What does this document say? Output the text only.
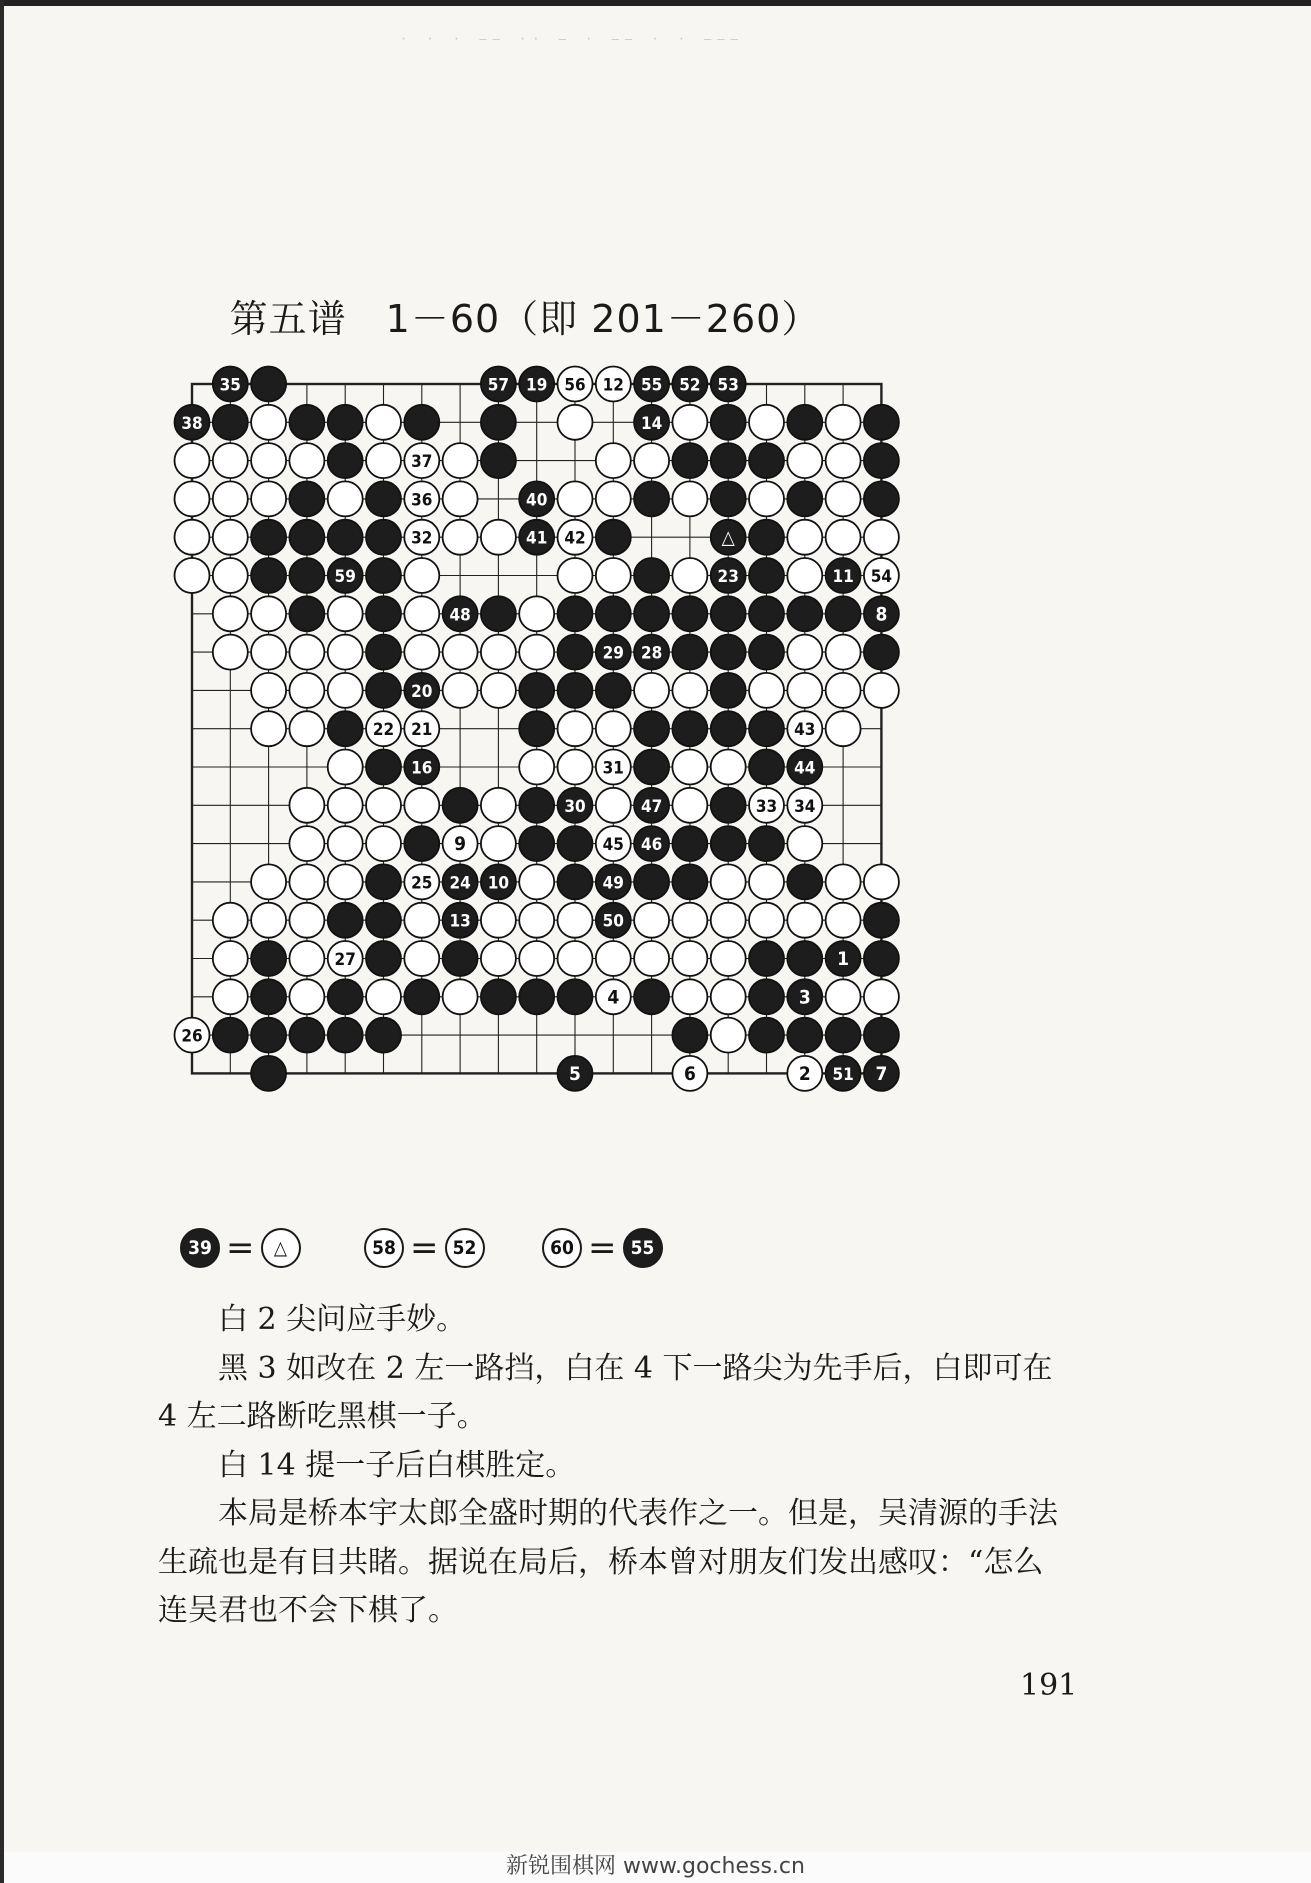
· · · ―― ·· ― · ―― · · ―――
第五谱　1－60（即 201－260）
35	57 19 56 12 55 52 53
38	14
37
36	40
32	41 42	△
59	23	11 54
48	8
29 28
20
22 21	43
16	31	44
30	47	33 34
9	45 46
25 24 10	49
13	50
27	1
4	3
26
5	6	2 51 7
39 =	△	58 = 52	60 = 55

白 2 尖问应手妙。

黑 3 如改在 2 左一路挡，白在 4 下一路尖为先手后，白即可在 4 左二路断吃黑棋一子。

白 14 提一子后白棋胜定。

本局是桥本宇太郎全盛时期的代表作之一。但是，吴清源的手法生疏也是有目共睹。据说在局后，桥本曾对朋友们发出感叹：“怎么连吴君也不会下棋了。

191
新锐围棋网 www.gochess.cn
